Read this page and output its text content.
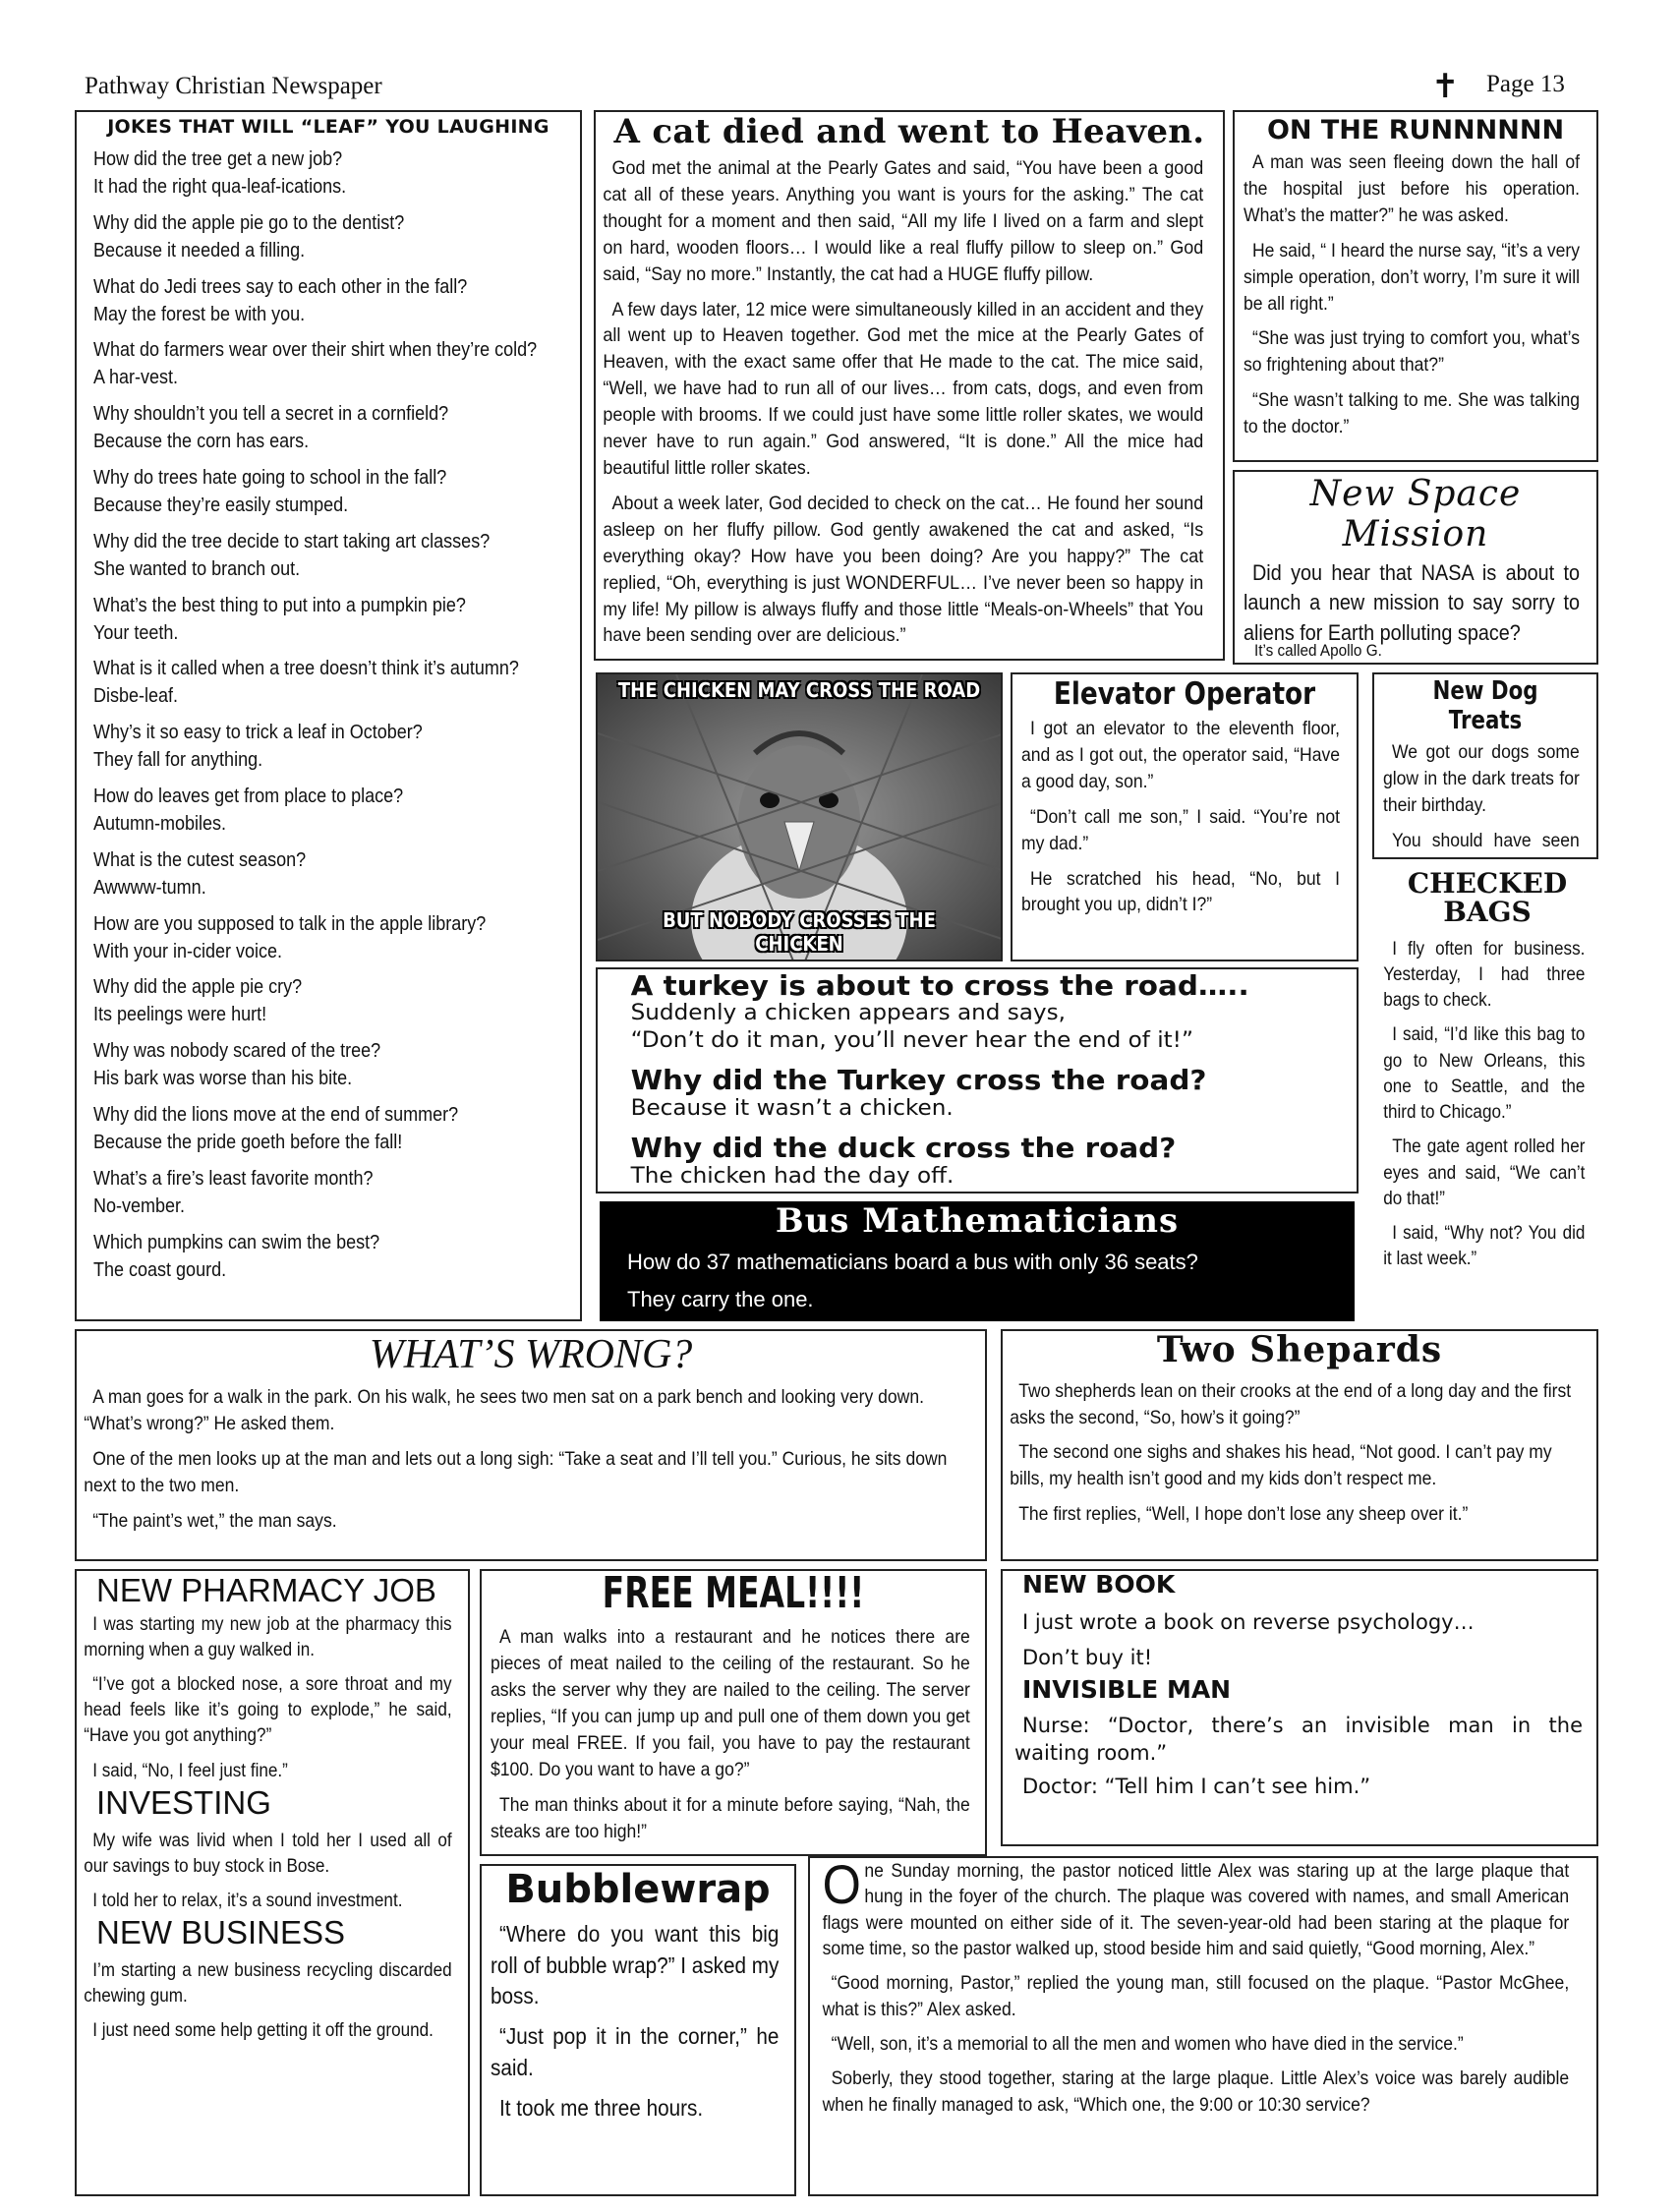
Pathway Christian Newspaper	✝ Page 13
JOKES THAT WILL “LEAF” YOU LAUGHING
How did the tree get a new job?
It had the right qua-leaf-ications.
Why did the apple pie go to the dentist?
Because it needed a filling.
What do Jedi trees say to each other in the fall?
May the forest be with you.
What do farmers wear over their shirt when they’re cold?
A har-vest.
Why shouldn’t you tell a secret in a cornfield?
Because the corn has ears.
Why do trees hate going to school in the fall?
Because they’re easily stumped.
Why did the tree decide to start taking art classes?
She wanted to branch out.
What’s the best thing to put into a pumpkin pie?
Your teeth.
What is it called when a tree doesn’t think it’s autumn?
Disbe-leaf.
Why’s it so easy to trick a leaf in October?
They fall for anything.
How do leaves get from place to place?
Autumn-mobiles.
What is the cutest season?
Awwww-tumn.
How are you supposed to talk in the apple library?
With your in-cider voice.
Why did the apple pie cry?
Its peelings were hurt!
Why was nobody scared of the tree?
His bark was worse than his bite.
Why did the lions move at the end of summer?
Because the pride goeth before the fall!
What’s a fire’s least favorite month?
No-vember.
Which pumpkins can swim the best?
The coast gourd.
A cat died and went to Heaven.

God met the animal at the Pearly Gates and said, “You have been a good cat all of these years. Anything you want is yours for the asking.” The cat thought for a moment and then said, “All my life I lived on a farm and slept on hard, wooden floors… I would like a real fluffy pillow to sleep on.” God said, “Say no more.” Instantly, the cat had a HUGE fluffy pillow.

A few days later, 12 mice were simultaneously killed in an accident and they all went up to Heaven together. God met the mice at the Pearly Gates of Heaven, with the exact same offer that He made to the cat. The mice said, “Well, we have had to run all of our lives… from cats, dogs, and even from people with brooms. If we could just have some little roller skates, we would never have to run again.” God answered, “It is done.” All the mice had beautiful little roller skates.

About a week later, God decided to check on the cat… He found her sound asleep on her fluffy pillow. God gently awakened the cat and asked, “Is everything okay? How have you been doing? Are you happy?” The cat replied, “Oh, everything is just WONDERFUL… I’ve never been so happy in my life! My pillow is always fluffy and those little “Meals-on-Wheels” that You have been sending over are delicious.”

ON THE RUNNNNNN

A man was seen fleeing down the hall of the hospital just before his operation. What’s the matter?” he was asked.

He said, “ I heard the nurse say, “it’s a very simple operation, don’t worry, I’m sure it will be all right.”

“She was just trying to comfort you, what’s so frightening about that?”

“She wasn’t talking to me. She was talking to the doctor.”

New Space Mission

Did you hear that NASA is about to launch a new mission to say sorry to aliens for Earth polluting space?

It’s called Apollo G.
THE CHICKEN MAY CROSS THE ROAD
BUT NOBODY CROSSES THE CHICKEN
Elevator Operator

I got an elevator to the eleventh floor, and as I got out, the operator said, “Have a good day, son.”

“Don’t call me son,” I said. “You’re not my dad.”

He scratched his head, “No, but I brought you up, didn’t I?”

New Dog Treats

We got our dogs some glow in the dark treats for their birthday.

You should have seen

CHECKED
BAGS

I fly often for business. Yesterday, I had three bags to check.

I said, “I’d like this bag to go to New Orleans, this one to Seattle, and the third to Chicago.”

The gate agent rolled her eyes and said, “We can’t do that!”

I said, “Why not? You did it last week.”

A turkey is about to cross the road…..
Suddenly a chicken appears and says,
“Don’t do it man, you’ll never hear the end of it!”
Why did the Turkey cross the road?
Because it wasn’t a chicken.
Why did the duck cross the road?
The chicken had the day off.
Bus Mathematicians
How do 37 mathematicians board a bus with only 36 seats?
They carry the one.
WHAT’S WRONG?

A man goes for a walk in the park. On his walk, he sees two men sat on a park bench and looking very down. “What’s wrong?” He asked them.

One of the men looks up at the man and lets out a long sigh: “Take a seat and I’ll tell you.” Curious, he sits down next to the two men.

“The paint’s wet,” the man says.

Two Shepards

Two shepherds lean on their crooks at the end of a long day and the first asks the second, “So, how’s it going?”

The second one sighs and shakes his head, “Not good. I can’t pay my bills, my health isn’t good and my kids don’t respect me.

The first replies, “Well, I hope don’t lose any sheep over it.”

NEW PHARMACY JOB

I was starting my new job at the pharmacy this morning when a guy walked in.

“I’ve got a blocked nose, a sore throat and my head feels like it’s going to explode,” he said, “Have you got anything?”

I said, “No, I feel just fine.”

INVESTING

My wife was livid when I told her I used all of our savings to buy stock in Bose.

I told her to relax, it’s a sound investment.

NEW BUSINESS

I’m starting a new business recycling discarded chewing gum.

I just need some help getting it off the ground.

FREE MEAL!!!!

A man walks into a restaurant and he notices there are pieces of meat nailed to the ceiling of the restaurant. So he asks the server why they are nailed to the ceiling. The server replies, “If you can jump up and pull one of them down you get your meal FREE. If you fail, you have to pay the restaurant $100. Do you want to have a go?”

The man thinks about it for a minute before saying, “Nah, the steaks are too high!”

NEW BOOK
I just wrote a book on reverse psychology…
Don’t buy it!
INVISIBLE MAN
Nurse: “Doctor, there’s an invisible man in the waiting room.”
Doctor: “Tell him I can’t see him.”
Bubblewrap

“Where do you want this big roll of bubble wrap?” I asked my boss.

“Just pop it in the corner,” he said.

It took me three hours.

One Sunday morning, the pastor noticed little Alex was staring up at the large plaque that hung in the foyer of the church. The plaque was covered with names, and small American flags were mounted on either side of it. The seven-year-old had been staring at the plaque for some time, so the pastor walked up, stood beside him and said quietly, “Good morning, Alex.”

“Good morning, Pastor,” replied the young man, still focused on the plaque. “Pastor McGhee, what is this?” Alex asked.

“Well, son, it’s a memorial to all the men and women who have died in the service.”

Soberly, they stood together, staring at the large plaque. Little Alex’s voice was barely audible when he finally managed to ask, “Which one, the 9:00 or 10:30 service?
